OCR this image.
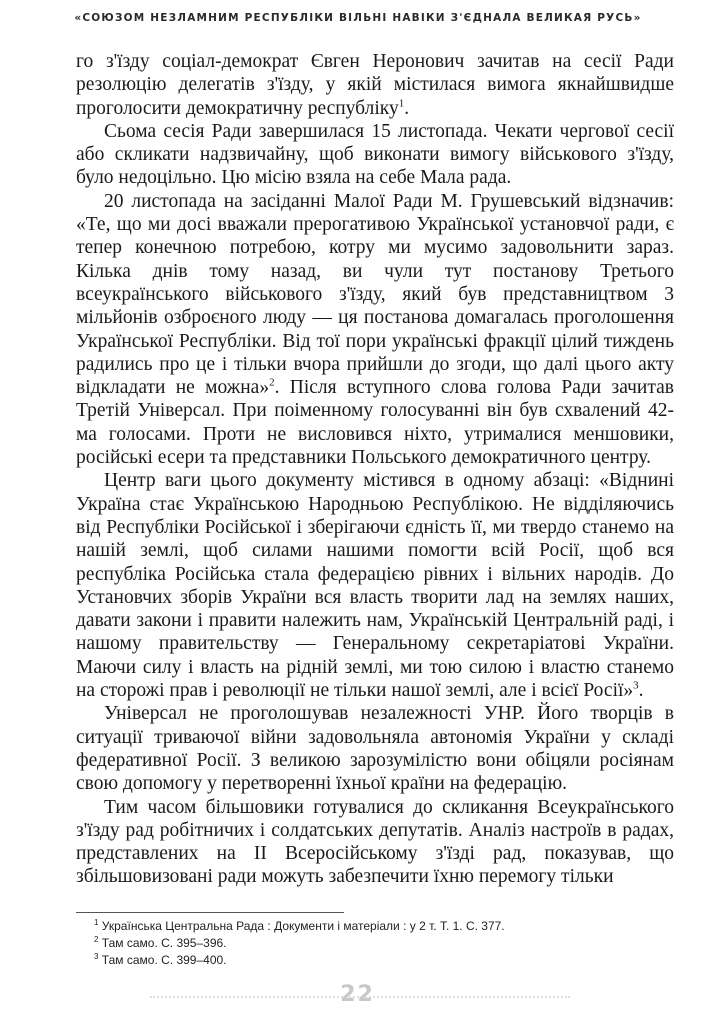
«СОЮЗОМ НЕЗЛАМНИМ РЕСПУБЛІКИ ВІЛЬНІ НАВІКИ З'ЄДНАЛА ВЕЛИКАЯ РУСЬ»

го з'їзду соціал-демократ Євген Неронович зачитав на сесії Ради резолюцію делегатів з'їзду, у якій містилася вимога якнайшвидше проголосити демократичну республіку$^1$.

Сьома сесія Ради завершилася 15 листопада. Чекати чергової сесії або скликати надзвичайну, щоб виконати вимогу військового з'їзду, було недоцільно. Цю місію взяла на себе Мала рада.

20 листопада на засіданні Малої Ради М. Грушевський відзначив: «Те, що ми досі вважали прерогативою Української установчої ради, є тепер конечною потребою, котру ми мусимо задовольнити зараз. Кілька днів тому назад, ви чули тут постанову Третього всеукраїнського військового з'їзду, який був представництвом 3 мільйонів озброєного люду — ця постанова домагалась проголошення Української Республіки. Від тої пори українські фракції цілий тиждень радились про це і тільки вчора прийшли до згоди, що далі цього акту відкладати не можна»$^2$. Після вступного слова голова Ради зачитав Третій Універсал. При поіменному голосуванні він був схвалений 42-ма голосами. Проти не висловився ніхто, утрималися меншовики, російські есери та представники Польського демократичного центру.

Центр ваги цього документу містився в одному абзаці: «Віднині Україна стає Українською Народньою Республікою. Не відділяючись від Республіки Російської і зберігаючи єдність її, ми твердо станемо на нашій землі, щоб силами нашими помогти всій Росії, щоб вся республіка Російська стала федерацією рівних і вільних народів. До Установчих зборів України вся власть творити лад на землях наших, давати закони і правити належить нам, Українській Центральній раді, і нашому правительству — Генеральному секретаріатові України. Маючи силу і власть на рідній землі, ми тою силою і властю станемо на сторожі прав і революції не тільки нашої землі, але і всієї Росії»$^3$.

Універсал не проголошував незалежності УНР. Його творців в ситуації триваючої війни задовольняла автономія України у складі федеративної Росії. З великою зарозумілістю вони обіцяли росіянам свою допомогу у перетворенні їхньої країни на федерацію.

Тим часом більшовики готувалися до скликання Всеукраїнського з'їзду рад робітничих і солдатських депутатів. Аналіз настроїв в радах, представлених на II Всеросійському з'їзді рад, показував, що збільшовизовані ради можуть забезпечити їхню перемогу тільки

$^1$ Українська Центральна Рада : Документи і матеріали : у 2 т. Т. 1. С. 377.
$^2$ Там само. С. 395–396.
$^3$ Там само. С. 399–400.
22
